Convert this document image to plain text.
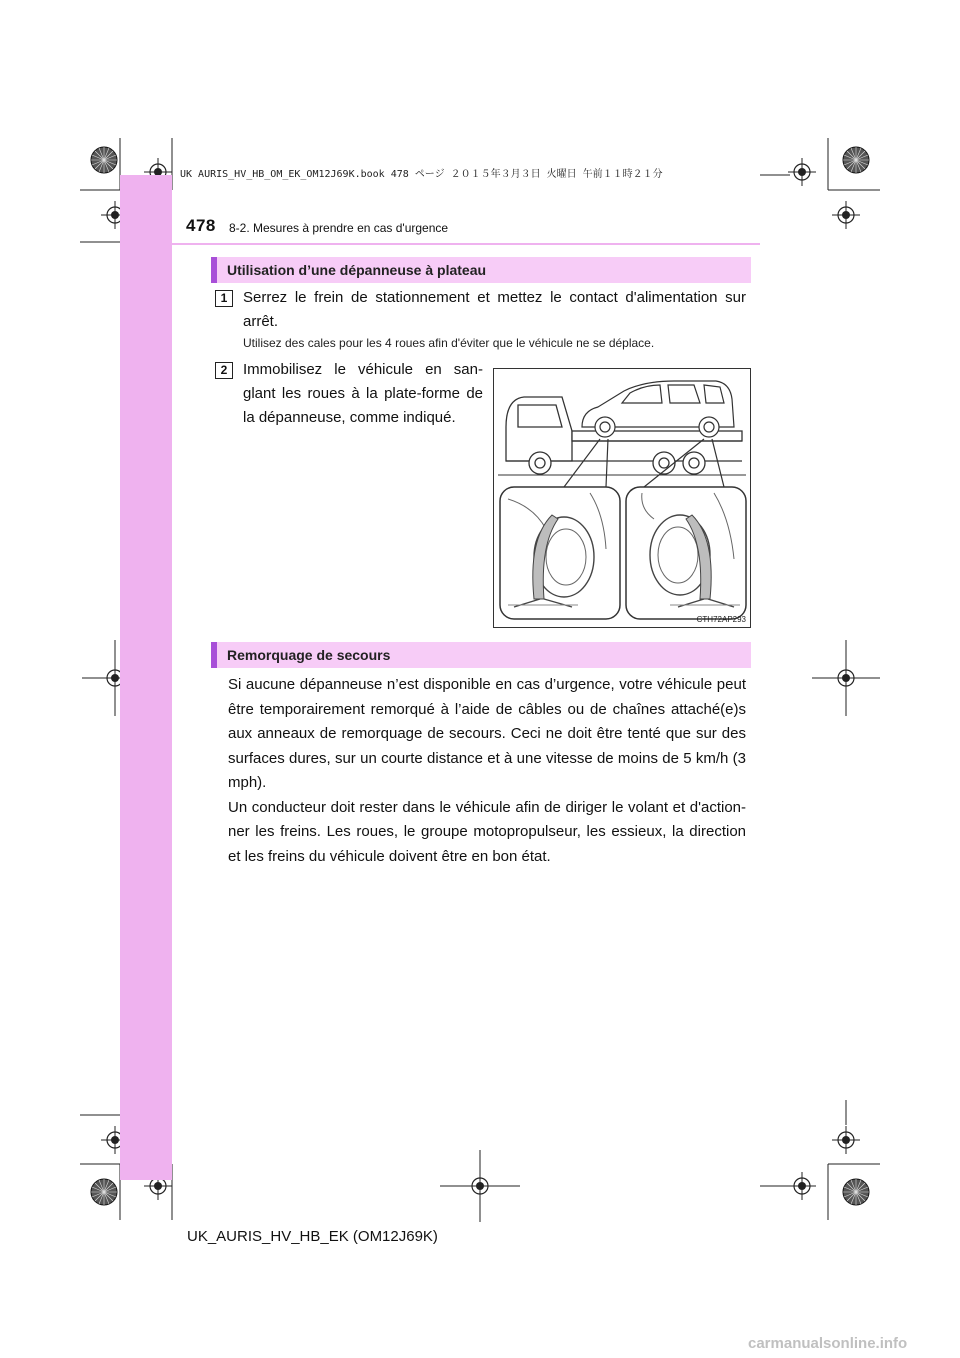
UK AURIS_HV_HB_OM_EK_OM12J69K.book 478 ページ ２０１５年３月３日 火曜日 午前１１時２１分
478 8-2. Mesures à prendre en cas d'urgence
Utilisation d’une dépanneuse à plateau
1	Serrez le frein de stationnement et mettez le contact d'alimentation sur arrêt.
Utilisez des cales pour les 4 roues afin d'éviter que le véhicule ne se déplace.
2	Immobilisez le véhicule en san-glant les roues à la plate-forme de la dépanneuse, comme indiqué.
CTH72AP293
Remorquage de secours
Si aucune dépanneuse n’est disponible en cas d’urgence, votre véhicule peut être temporairement remorqué à l’aide de câbles ou de chaînes attaché(e)s aux anneaux de remorquage de secours. Ceci ne doit être tenté que sur des surfaces dures, sur un courte distance et à une vitesse de moins de 5 km/h (3 mph).
Un conducteur doit rester dans le véhicule afin de diriger le volant et d'action-ner les freins. Les roues, le groupe motopropulseur, les essieux, la direction et les freins du véhicule doivent être en bon état.
UK_AURIS_HV_HB_EK (OM12J69K)
carmanualsonline.info
